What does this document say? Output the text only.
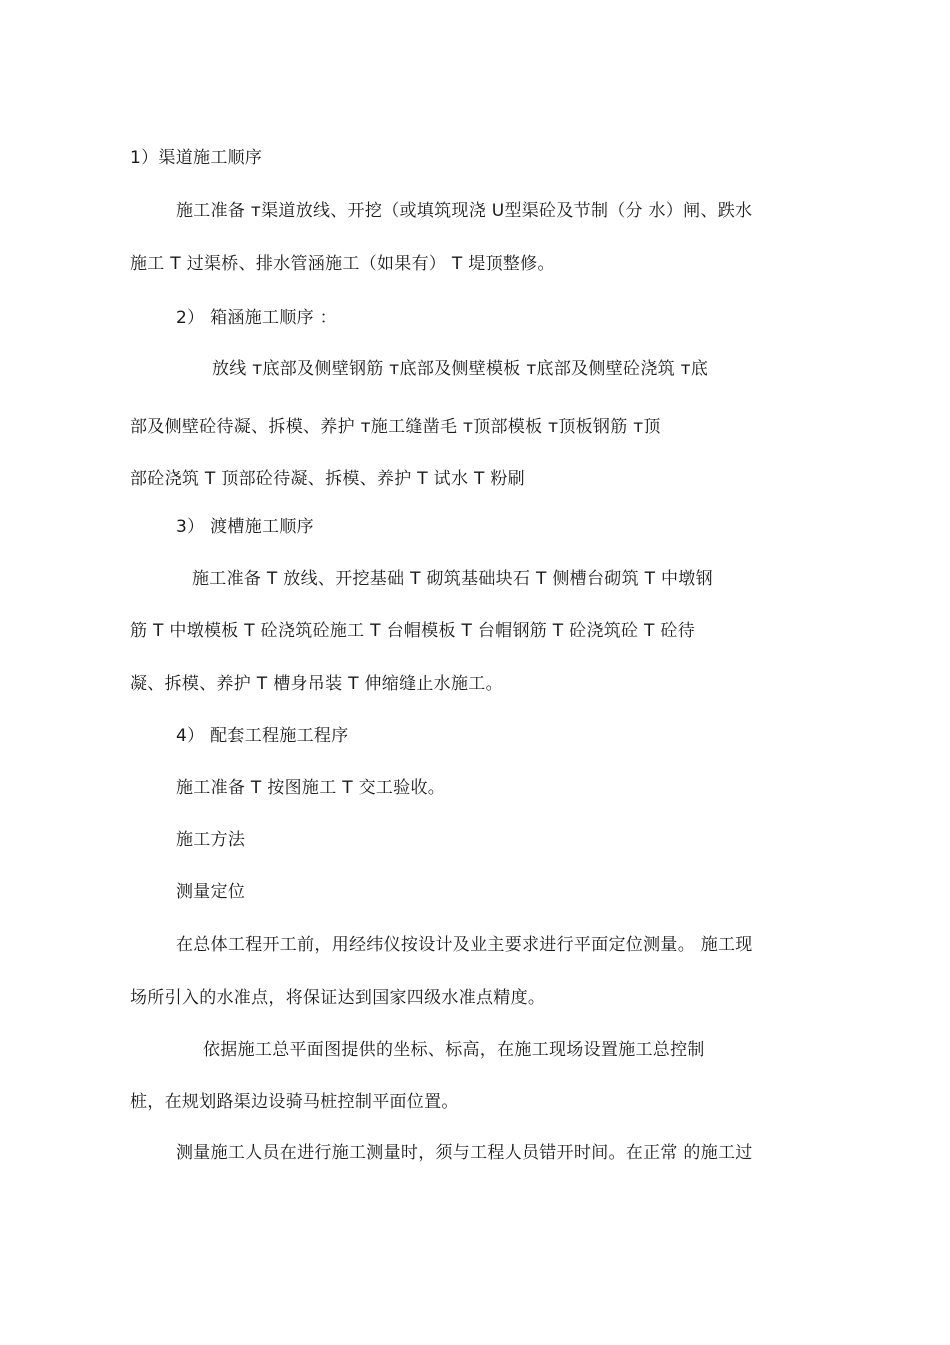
1）渠道施工顺序
施工准备 ᴛ渠道放线、开挖（或填筑现浇 U型渠砼及节制（分 水）闸、跌水
施工 T 过渠桥、排水管涵施工（如果有） T 堤顶整修。
2） 箱涵施工顺序 ：
放线 ᴛ底部及侧壁钢筋 ᴛ底部及侧壁模板 ᴛ底部及侧壁砼浇筑 ᴛ底
部及侧壁砼待凝、拆模、养护 ᴛ施工缝凿毛 ᴛ顶部模板 ᴛ顶板钢筋 ᴛ顶
部砼浇筑 T 顶部砼待凝、拆模、养护 T 试水 T 粉刷
3） 渡槽施工顺序
施工准备 T 放线、开挖基础 T 砌筑基础块石 T 侧槽台砌筑 T 中墩钢
筋 T 中墩模板 T 砼浇筑砼施工 T 台帽模板 T 台帽钢筋 T 砼浇筑砼 T 砼待
凝、拆模、养护 T 槽身吊装 T 伸缩缝止水施工。
4） 配套工程施工程序
施工准备 T 按图施工 T 交工验收。
施工方法
测量定位
在总体工程开工前，用经纬仪按设计及业主要求进行平面定位测量。 施工现
场所引入的水准点，将保证达到国家四级水准点精度。
依据施工总平面图提供的坐标、标高，在施工现场设置施工总控制
桩，在规划路渠边设骑马桩控制平面位置。
测量施工人员在进行施工测量时，须与工程人员错开时间。在正常 的施工过
